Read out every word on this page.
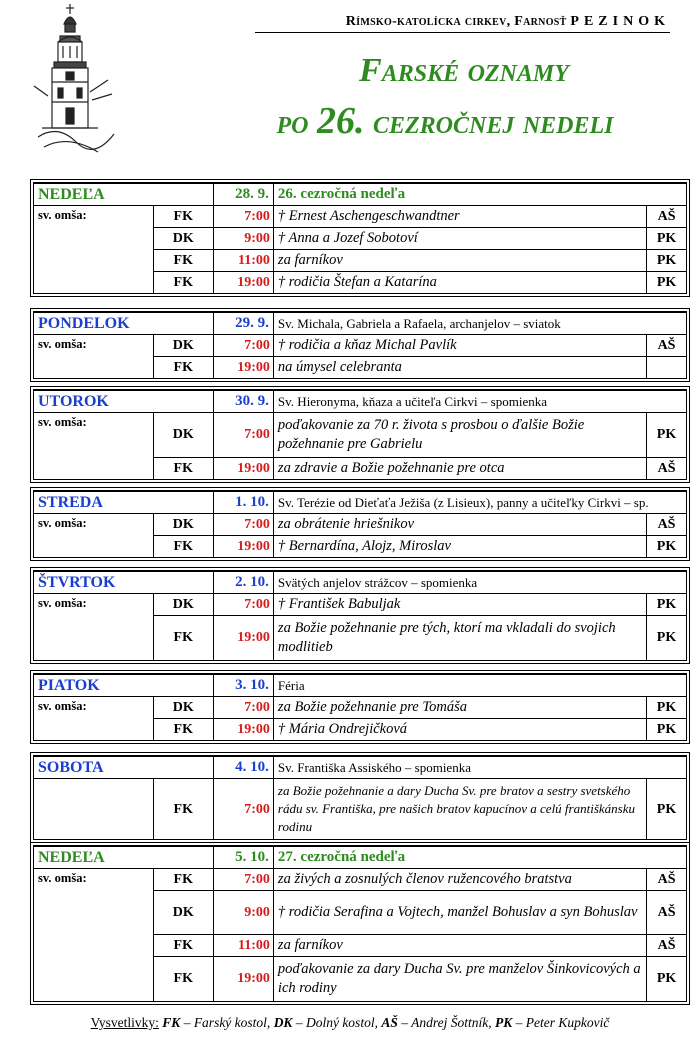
Rímsko-katolícka cirkev, Farnosť PEZINOK
Farské oznamy
po 26. cezročnej nedeli
NEDEĽA		28. 9.	26. cezročná nedeľa	
sv. omša:	FK	7:00	† Ernest Aschengeschwandtner	AŠ
	DK	9:00	† Anna a Jozef Sobotoví	PK
	FK	11:00	za farníkov	PK
	FK	19:00	† rodičia Štefan a Katarína	PK
PONDELOK		29. 9.	Sv. Michala, Gabriela a Rafaela, archanjelov – sviatok	
sv. omša:	DK	7:00	† rodičia a kňaz Michal Pavlík	AŠ
	FK	19:00	na úmysel celebranta	
UTOROK		30. 9.	Sv. Hieronyma, kňaza a učiteľa Cirkvi – spomienka	
sv. omša:	DK	7:00	poďakovanie za 70 r. života s prosbou o ďalšie Božie požehnanie pre Gabrielu	PK
	FK	19:00	za zdravie a Božie požehnanie pre otca	AŠ
STREDA		1. 10.	Sv. Terézie od Dieťaťa Ježiša (z Lisieux), panny a učiteľky Cirkvi – sp.	
sv. omša:	DK	7:00	za obrátenie hriešnikov	AŠ
	FK	19:00	† Bernardína, Alojz, Miroslav	PK
ŠTVRTOK		2. 10.	Svätých anjelov strážcov – spomienka	
sv. omša:	DK	7:00	† František Babuljak	PK
	FK	19:00	za Božie požehnanie pre tých, ktorí ma vkladali do svojich modlitieb	PK
PIATOK		3. 10.	Féria	
sv. omša:	DK	7:00	za Božie požehnanie pre Tomáša	PK
	FK	19:00	† Mária Ondrejičková	PK
SOBOTA		4. 10.	Sv. Františka Assiského – spomienka	
	FK	7:00	za Božie požehnanie a dary Ducha Sv. pre bratov a sestry svetského rádu sv. Františka, pre našich bratov kapucínov a celú františkánsku rodinu	PK
NEDEĽA		5. 10.	27. cezročná nedeľa	
sv. omša:	FK	7:00	za živých a zosnulých členov ružencového bratstva	AŠ
	DK	9:00	† rodičia Serafina a Vojtech, manžel Bohuslav a syn Bohuslav	AŠ
	FK	11:00	za farníkov	AŠ
	FK	19:00	poďakovanie za dary Ducha Sv. pre manželov Šinkovicových a ich rodiny	PK
Vysvetlivky: FK – Farský kostol, DK – Dolný kostol, AŠ – Andrej Šottník, PK – Peter Kupkovič
